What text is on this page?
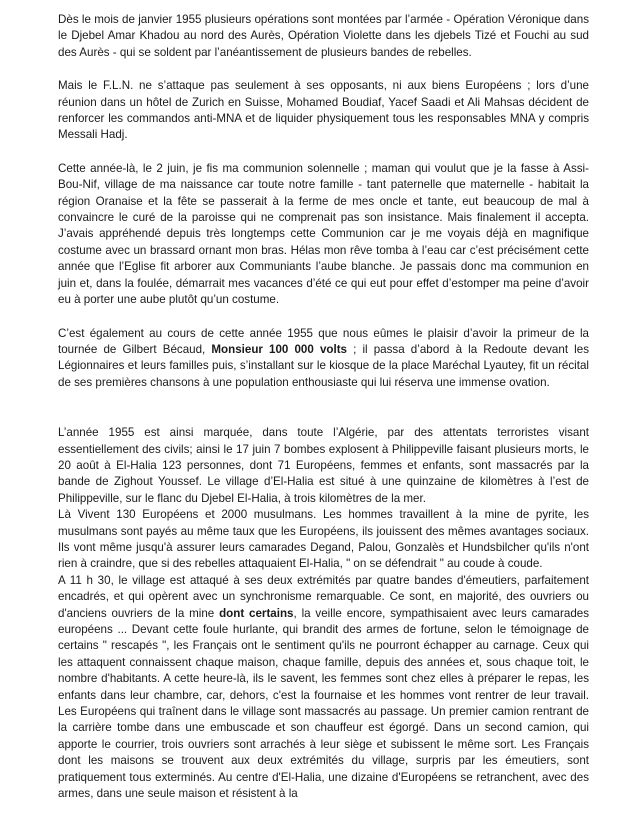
Dès le mois de janvier 1955 plusieurs opérations sont montées par l’armée - Opération Véronique dans le Djebel Amar Khadou au nord des Aurès, Opération Violette dans les djebels Tizé et Fouchi au sud des Aurès - qui se soldent par l’anéantissement de plusieurs bandes de rebelles.

Mais le F.L.N. ne s’attaque pas seulement à ses opposants, ni aux biens Européens ; lors d’une réunion dans un hôtel de Zurich en Suisse, Mohamed Boudiaf, Yacef Saadi et Ali Mahsas décident de renforcer les commandos anti-MNA et de liquider physiquement tous les responsables MNA y compris Messali Hadj.

Cette année-là, le 2 juin, je fis ma communion solennelle ; maman qui voulut que je la fasse à Assi-Bou-Nif, village de ma naissance car toute notre famille - tant paternelle que maternelle - habitait la région Oranaise et la fête se passerait à la ferme de mes oncle et tante, eut beaucoup de mal à convaincre le curé de la paroisse qui ne comprenait pas son insistance. Mais finalement il accepta. J’avais appréhendé depuis très longtemps cette Communion car je me voyais déjà en magnifique costume avec un brassard ornant mon bras. Hélas mon rêve tomba à l’eau car c’est précisément cette année que l’Eglise fit arborer aux Communiants l’aube blanche. Je passais donc ma communion en juin et, dans la foulée, démarrait mes vacances d’été ce qui eut pour effet d’estomper ma peine d’avoir eu à porter une aube plutôt qu’un costume.

C’est également au cours de cette année 1955 que nous eûmes le plaisir d’avoir la primeur de la tournée de Gilbert Bécaud, Monsieur 100 000 volts ; il passa d’abord à la Redoute devant les Légionnaires et leurs familles puis, s’installant sur le kiosque de la place Maréchal Lyautey, fit un récital de ses premières chansons à une population enthousiaste qui lui réserva une immense ovation.

L’année 1955 est ainsi marquée, dans toute l’Algérie, par des attentats terroristes visant essentiellement des civils; ainsi le 17 juin 7 bombes explosent à Philippeville faisant plusieurs morts, le 20 août à El-Halia 123 personnes, dont 71 Européens, femmes et enfants, sont massacrés par la bande de Zighout Youssef. Le village d’El-Halia est situé à une quinzaine de kilomètres à l’est de Philippeville, sur le flanc du Djebel El-Halia, à trois kilomètres de la mer.

Là Vivent 130 Européens et 2000 musulmans. Les hommes travaillent à la mine de pyrite, les musulmans sont payés au même taux que les Européens, ils jouissent des mêmes avantages sociaux. Ils vont même jusqu'à assurer leurs camarades Degand, Palou, Gonzalès et Hundsbilcher qu'ils n'ont rien à craindre, que si des rebelles attaquaient El-Halia, " on se défendrait " au coude à coude.

A 11 h 30, le village est attaqué à ses deux extrémités par quatre bandes d'émeutiers, parfaitement encadrés, et qui opèrent avec un synchronisme remarquable. Ce sont, en majorité, des ouvriers ou d'anciens ouvriers de la mine dont certains, la veille encore, sympathisaient avec leurs camarades européens ... Devant cette foule hurlante, qui brandit des armes de fortune, selon le témoignage de certains " rescapés ", les Français ont le sentiment qu'ils ne pourront échapper au carnage. Ceux qui les attaquent connaissent chaque maison, chaque famille, depuis des années et, sous chaque toit, le nombre d'habitants. A cette heure-là, ils le savent, les femmes sont chez elles à préparer le repas, les enfants dans leur chambre, car, dehors, c'est la fournaise et les hommes vont rentrer de leur travail. Les Européens qui traînent dans le village sont massacrés au passage. Un premier camion rentrant de la carrière tombe dans une embuscade et son chauffeur est égorgé. Dans un second camion, qui apporte le courrier, trois ouvriers sont arrachés à leur siège et subissent le même sort. Les Français dont les maisons se trouvent aux deux extrémités du village, surpris par les émeutiers, sont pratiquement tous exterminés. Au centre d'El-Halia, une dizaine d'Européens se retranchent, avec des armes, dans une seule maison et résistent à la
